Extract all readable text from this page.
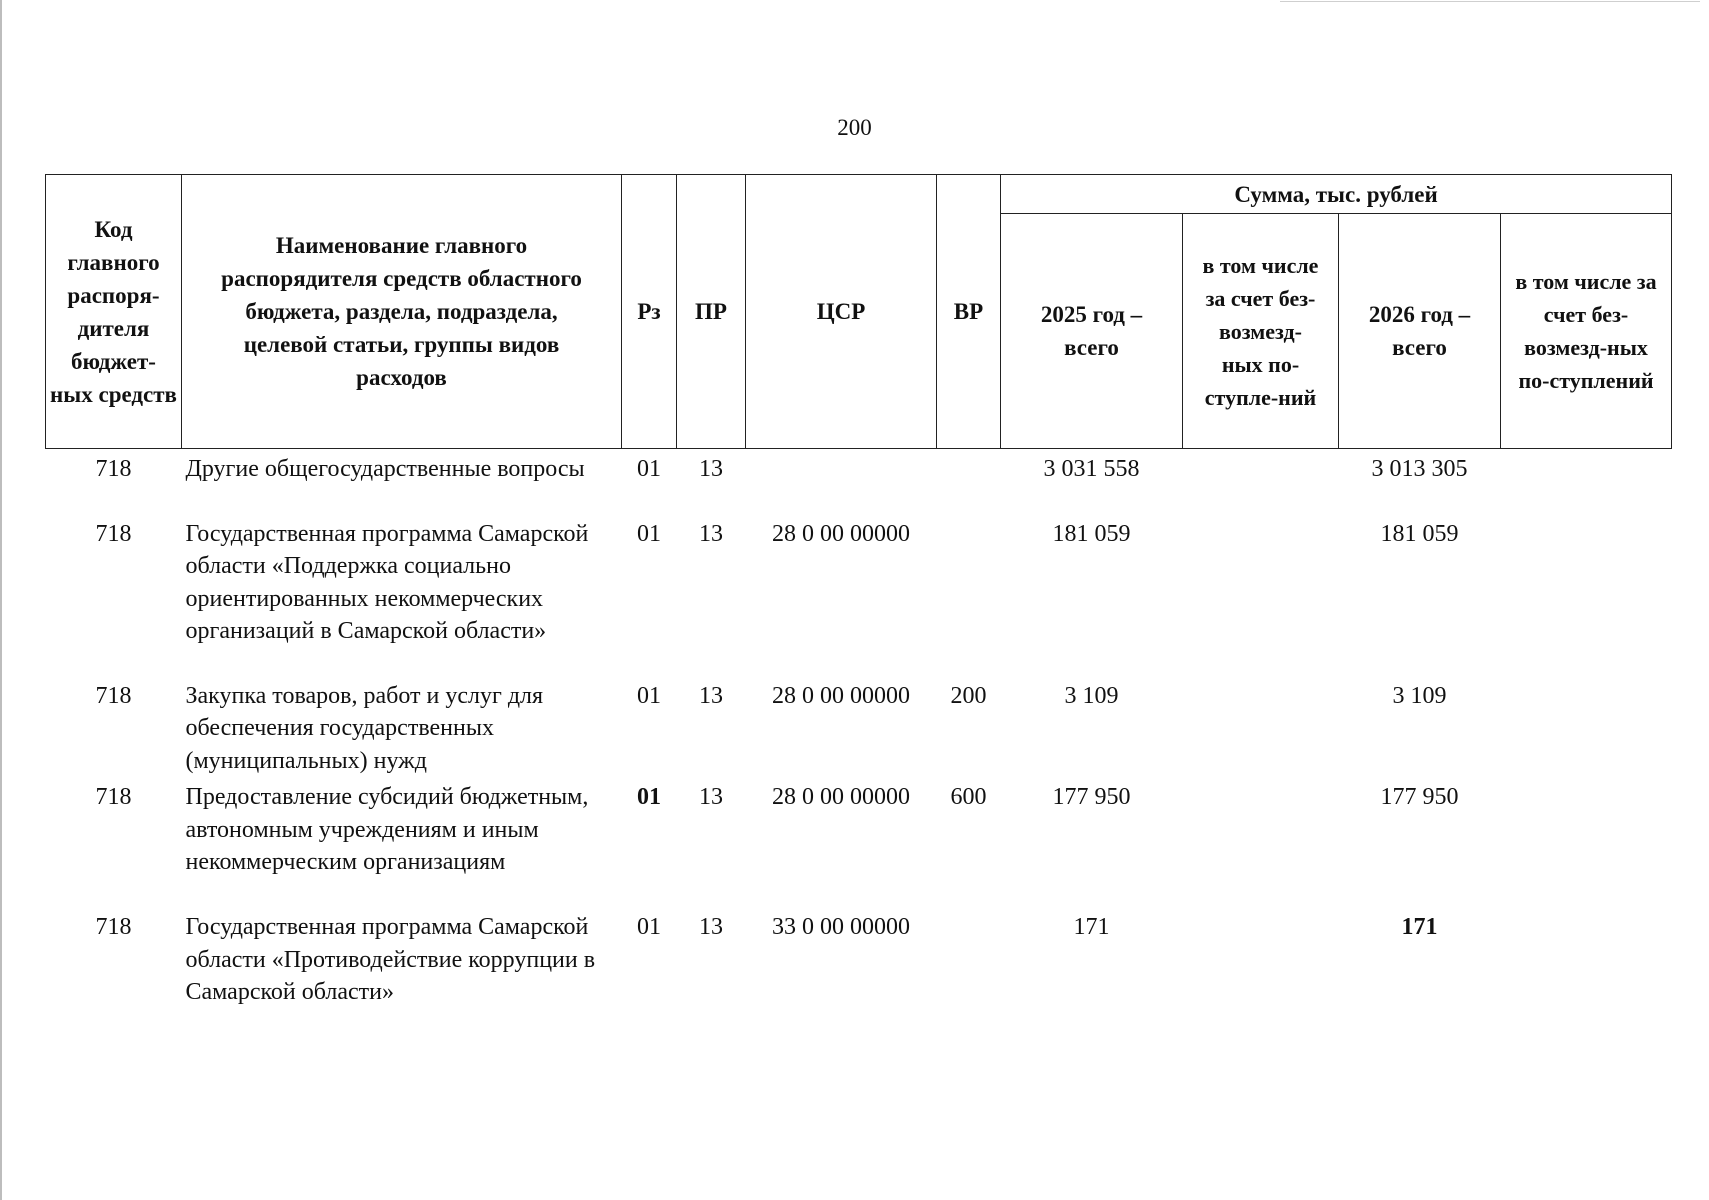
200
Код главного распоря-дителя бюджет-ных средств	Наименование главного распорядителя средств областного бюджета, раздела, подраздела, целевой статьи, группы видов расходов	Рз	ПР	ЦСР	ВР	Сумма, тыс. рублей			
						2025 год – всего	в том числе за счет без-возмезд-ных по-ступле-ний	2026 год – всего	в том числе за счет без-возмезд-ных по-ступлений
718	Другие общегосударственные вопросы	01	13			3 031 558		3 013 305	
718	Государственная программа Самарской области «Поддержка социально ориентированных некоммерческих организаций в Самарской области»	01	13	28 0 00 00000		181 059		181 059	
718	Закупка товаров, работ и услуг для обеспечения государственных (муниципальных) нужд	01	13	28 0 00 00000	200	3 109		3 109	
718	Предоставление субсидий бюджетным, автономным учреждениям и иным некоммерческим организациям	01	13	28 0 00 00000	600	177 950		177 950	
718	Государственная программа Самарской области «Противодействие коррупции в Самарской области»	01	13	33 0 00 00000		171		171	
